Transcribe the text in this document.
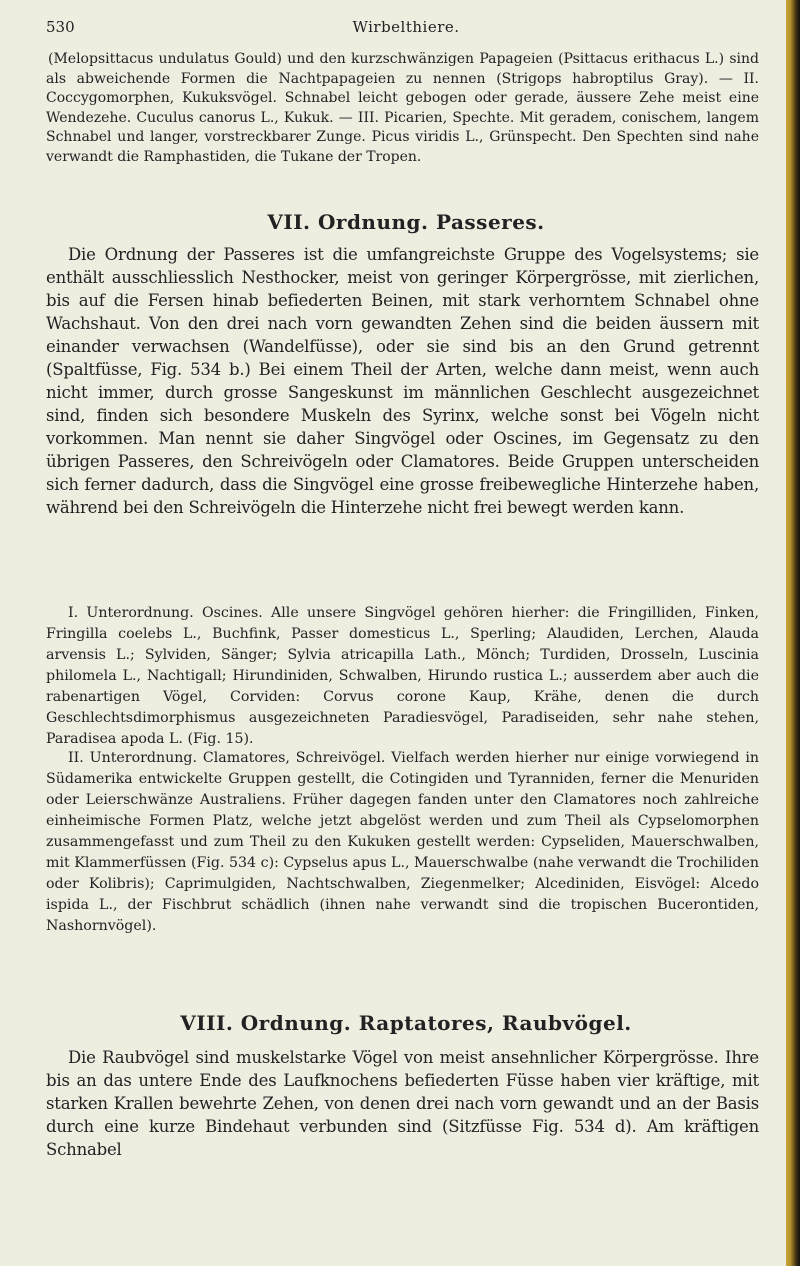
530	Wirbelthiere.

(Melopsittacus undulatus Gould) und den kurzschwänzigen Papageien (Psittacus erithacus L.) sind als abweichende Formen die Nachtpapageien zu nennen (Strigops habroptilus Gray). — II. Coccygomorphen, Kukuksvögel. Schnabel leicht gebogen oder gerade, äussere Zehe meist eine Wendezehe. Cuculus canorus L., Kukuk. — III. Picarien, Spechte. Mit geradem, conischem, langem Schnabel und langer, vorstreckbarer Zunge. Picus viridis L., Grünspecht. Den Spechten sind nahe verwandt die Ramphastiden, die Tukane der Tropen.

VII. Ordnung. Passeres.

Die Ordnung der Passeres ist die umfangreichste Gruppe des Vogelsystems; sie enthält ausschliesslich Nesthocker, meist von geringer Körpergrösse, mit zierlichen, bis auf die Fersen hinab befiederten Beinen, mit stark verhorntem Schnabel ohne Wachshaut. Von den drei nach vorn gewandten Zehen sind die beiden äussern mit einander verwachsen (Wandelfüsse), oder sie sind bis an den Grund getrennt (Spaltfüsse, Fig. 534 b.) Bei einem Theil der Arten, welche dann meist, wenn auch nicht immer, durch grosse Sangeskunst im männlichen Geschlecht ausgezeichnet sind, finden sich besondere Muskeln des Syrinx, welche sonst bei Vögeln nicht vorkommen. Man nennt sie daher Singvögel oder Oscines, im Gegensatz zu den übrigen Passeres, den Schreivögeln oder Clamatores. Beide Gruppen unterscheiden sich ferner dadurch, dass die Singvögel eine grosse freibewegliche Hinterzehe haben, während bei den Schreivögeln die Hinterzehe nicht frei bewegt werden kann.

I. Unterordnung. Oscines. Alle unsere Singvögel gehören hierher: die Fringilliden, Finken, Fringilla coelebs L., Buchfink, Passer domesticus L., Sperling; Alaudiden, Lerchen, Alauda arvensis L.; Sylviden, Sänger; Sylvia atricapilla Lath., Mönch; Turdiden, Drosseln, Luscinia philomela L., Nachtigall; Hirundiniden, Schwalben, Hirundo rustica L.; ausserdem aber auch die rabenartigen Vögel, Corviden: Corvus corone Kaup, Krähe, denen die durch Geschlechtsdimorphismus ausgezeichneten Paradiesvögel, Paradiseiden, sehr nahe stehen, Paradisea apoda L. (Fig. 15).

II. Unterordnung. Clamatores, Schreivögel. Vielfach werden hierher nur einige vorwiegend in Südamerika entwickelte Gruppen gestellt, die Cotingiden und Tyranniden, ferner die Menuriden oder Leierschwänze Australiens. Früher dagegen fanden unter den Clamatores noch zahlreiche einheimische Formen Platz, welche jetzt abgelöst werden und zum Theil als Cypselomorphen zusammengefasst und zum Theil zu den Kukuken gestellt werden: Cypseliden, Mauerschwalben, mit Klammerfüssen (Fig. 534 c): Cypselus apus L., Mauerschwalbe (nahe verwandt die Trochiliden oder Kolibris); Caprimulgiden, Nachtschwalben, Ziegenmelker; Alcediniden, Eisvögel: Alcedo ispida L., der Fischbrut schädlich (ihnen nahe verwandt sind die tropischen Bucerontiden, Nashornvögel).

VIII. Ordnung. Raptatores, Raubvögel.

Die Raubvögel sind muskelstarke Vögel von meist ansehnlicher Körpergrösse. Ihre bis an das untere Ende des Laufknochens befiederten Füsse haben vier kräftige, mit starken Krallen bewehrte Zehen, von denen drei nach vorn gewandt und an der Basis durch eine kurze Bindehaut verbunden sind (Sitzfüsse Fig. 534 d). Am kräftigen Schnabel
